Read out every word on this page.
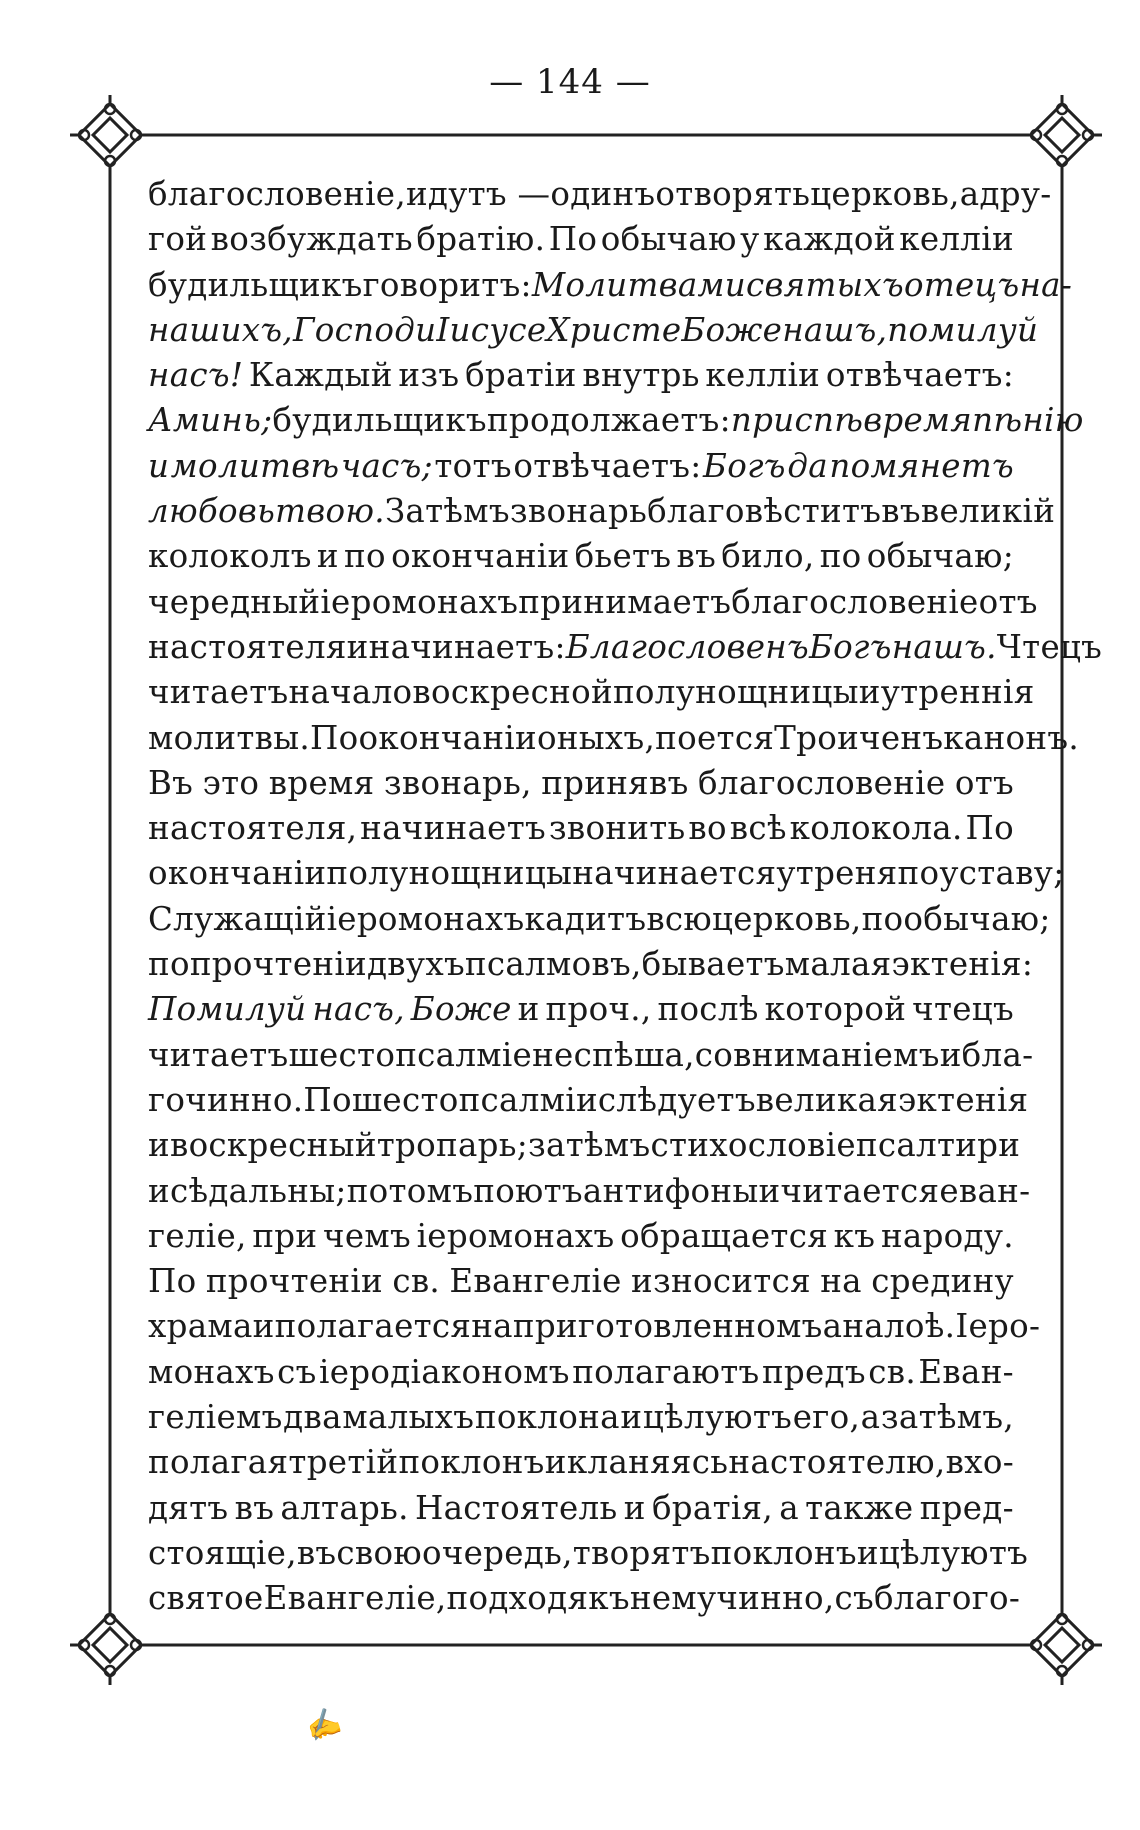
— 144 —
благословеніе, идутъ —одинъ отворять церковь, а дру-
гой возбуждать братію. По обычаю у каждой келліи
будильщикъ говоритъ: Молитвами святыхъ отецъ на-
нашихъ, Господи Іисусе Христе Боже нашъ, помилуй
насъ! Каждый изъ братіи внутрь келліи отвѣчаетъ:
Аминь; будильщикъ продолжаетъ: приспѣ время пѣнію
и молитвѣ часъ; тотъ отвѣчаетъ: Богъ да помянетъ
любовь твою. Затѣмъ звонарь благовѣститъ въ великій
колоколъ и по окончаніи бьетъ въ било, по обычаю;
чередный іеромонахъ принимаетъ благословеніе отъ
настоятеля и начинаетъ: Благословенъ Богъ нашъ. Чтецъ
читаетъ начало воскресной полунощницы и утреннія
молитвы. По окончаніи оныхъ, поется Троиченъ канонъ.
Въ это время звонарь, принявъ благословеніе отъ
настоятеля, начинаетъ звонить во всѣ колокола. По
окончаніи полунощницы начинается утреня по уставу;
Служащій іеромонахъ кадитъ всю церковь, по обычаю;
по прочтеніи двухъ псалмовъ, бываетъ малая эктенія:
Помилуй насъ, Боже и проч., послѣ которой чтецъ
читаетъ шестопсалміе не спѣша, со вниманіемъ и бла-
гочинно. По шестопсалміи слѣдуетъ великая эктенія
и воскресный тропарь; затѣмъ стихословіе псалтири
и сѣдальны; потомъ поютъ антифоны и читается еван-
геліе, при чемъ іеромонахъ обращается къ народу.
По прочтеніи св. Евангеліе износится на средину
храма и полагается на приготовленномъ аналоѣ. Іеро-
монахъ съ іеродіакономъ полагаютъ предъ св. Еван-
геліемъ два малыхъ поклона и цѣлуютъ его, а затѣмъ,
полагая третій поклонъ и кланяясь настоятелю, вхо-
дятъ въ алтарь. Настоятель и братія, а также пред-
стоящіе, въ свою очередь, творятъ поклонъ и цѣлуютъ
святое Евангеліе, подходя къ нему чинно, съ благого-
✍
